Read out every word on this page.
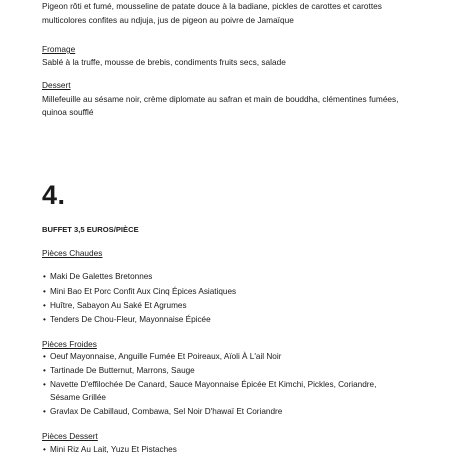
Pigeon rôti et fumé, mousseline de patate douce à la badiane, pickles de carottes et carottes
multicolores confites au ndjuja, jus de pigeon au poivre de Jamaïque
Fromage
Sablé à la truffe, mousse de brebis, condiments fruits secs, salade
Dessert
Millefeuille au sésame noir, crème diplomate au safran et main de bouddha, clémentines fumées,
quinoa soufflé
4.
BUFFET 3,5 EUROS/PIÈCE
Pièces Chaudes
• Maki De Galettes Bretonnes
• Mini Bao Et Porc Confit Aux Cinq Épices Asiatiques
• Huître, Sabayon Au Saké Et Agrumes
• Tenders De Chou-Fleur, Mayonnaise Épicée
Pièces Froides
• Oeuf Mayonnaise, Anguille Fumée Et Poireaux, Aïoli À L'ail Noir
• Tartinade De Butternut, Marrons, Sauge
• Navette D'effilochée De Canard, Sauce Mayonnaise Épicée Et Kimchi, Pickles, Coriandre,
Sésame Grillée
• Gravlax De Cabillaud, Combawa, Sel Noir D'hawaï Et Coriandre
Pièces Dessert
• Mini Riz Au Lait, Yuzu Et Pistaches
